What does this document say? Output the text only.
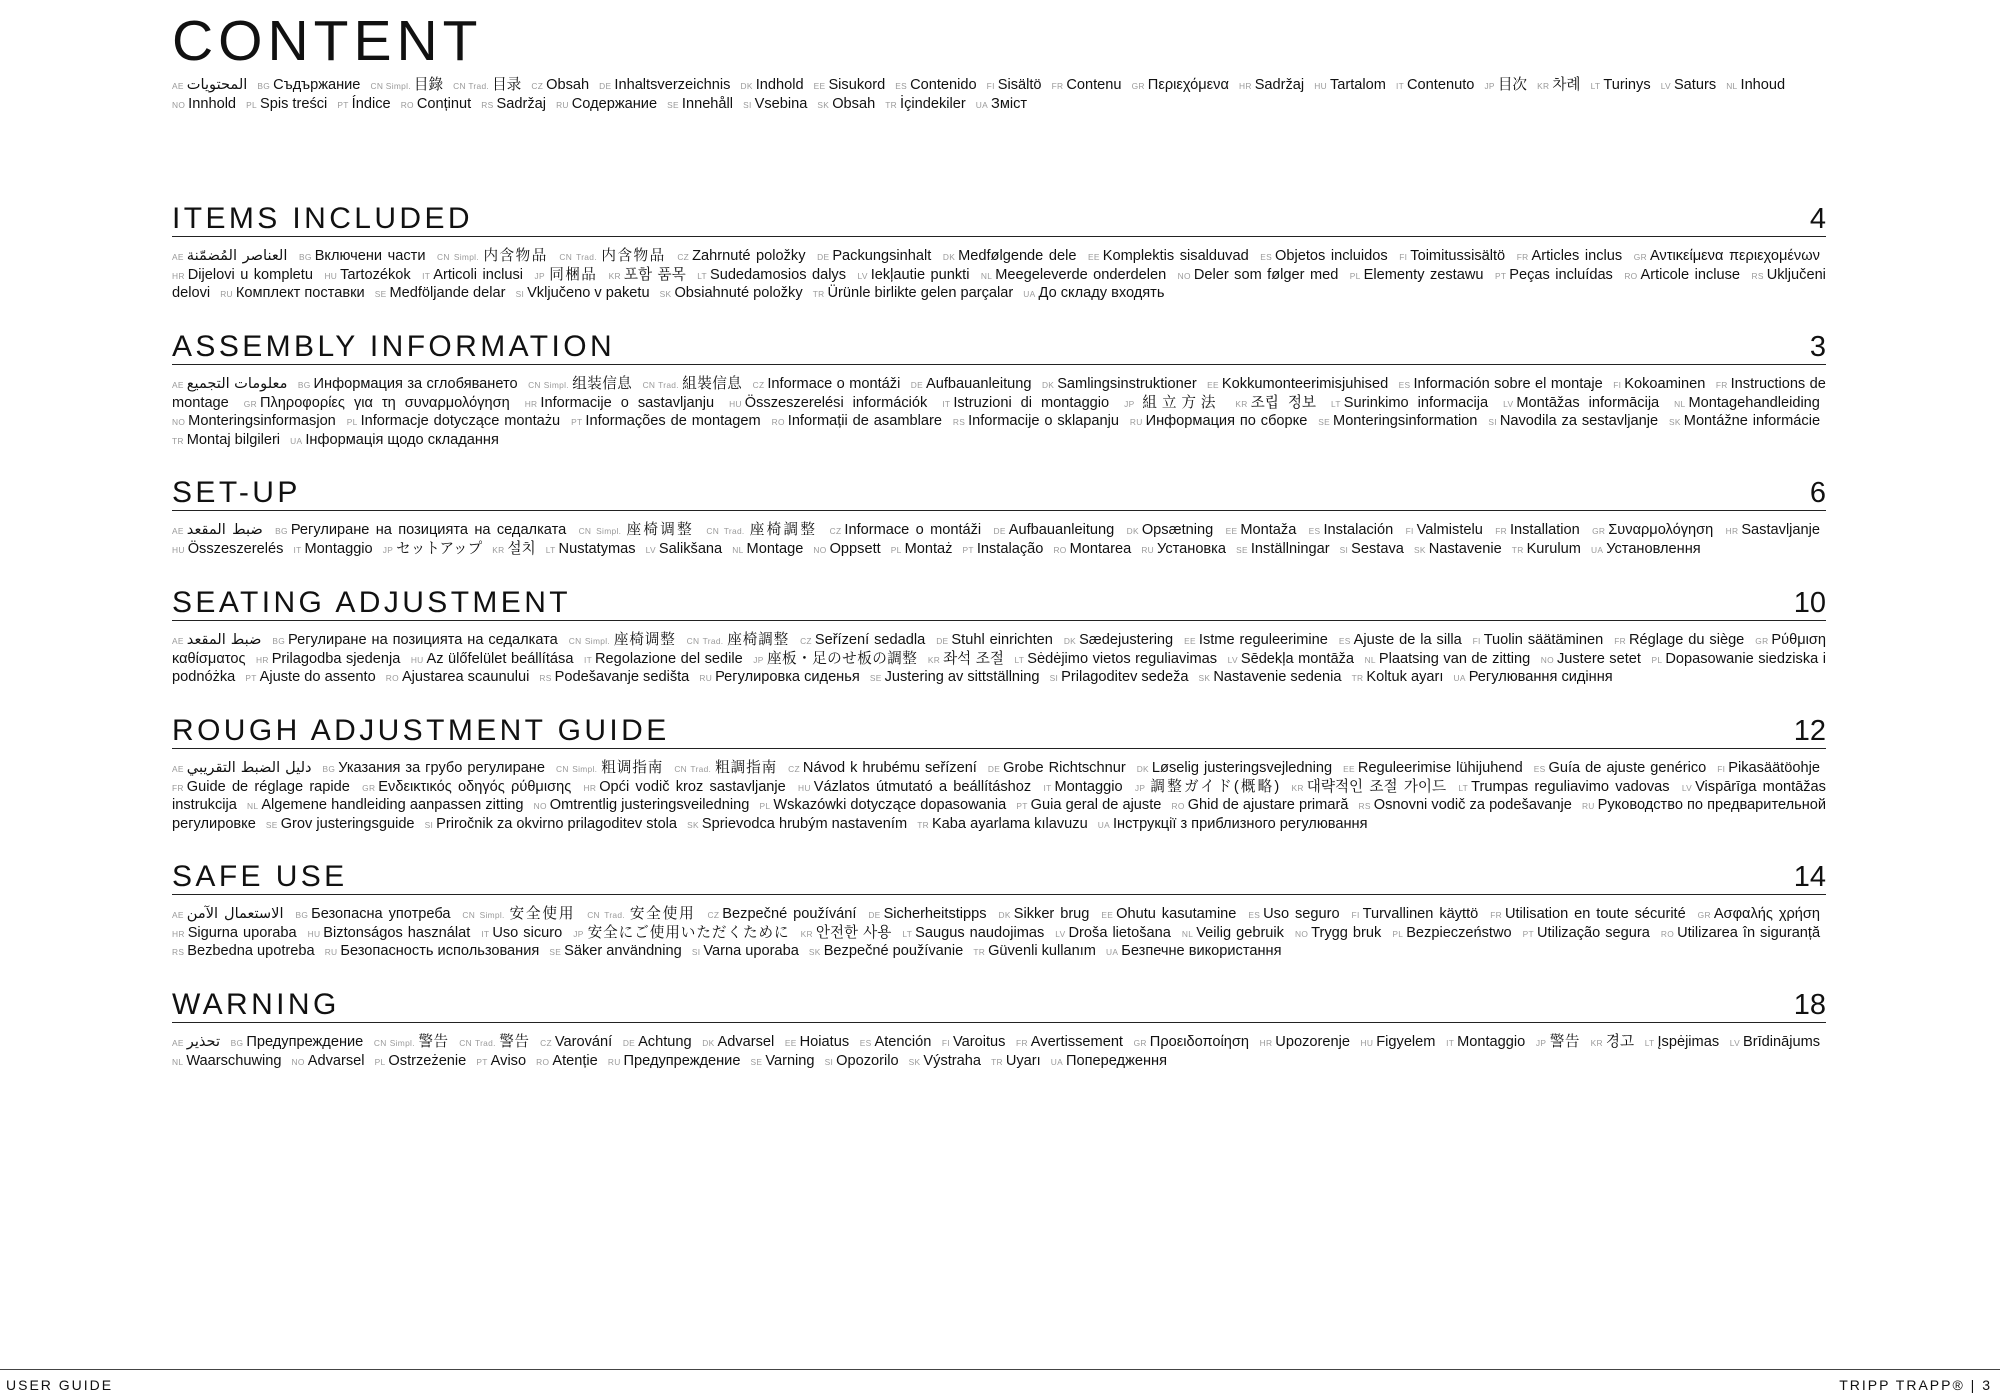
CONTENT
AE المحتويات BG Съдържание CN Simpl. 目錄 CN Trad. 目录 CZ Obsah DE Inhaltsverzeichnis DK Indhold EE Sisukord ES Contenido FI Sisältö FR Contenu GR Περιεχόμενα HR Sadržaj HU Tartalom IT Contenuto JP 目次 KR 차례 LT Turinys LV Saturs NL Inhoud NO Innhold PL Spis treści PT Índice RO Conținut RS Sadržaj RU Содержание SE Innehåll SI Vsebina SK Obsah TR İçindekiler UA Зміст
ITEMS INCLUDED	4
AE العناصر المُضمّنة BG Включени части CN Simpl. 内含物品 CN Trad. 内含物品 CZ Zahrnuté položky DE Packungsinhalt DK Medfølgende dele EE Komplektis sisalduvad ES Objetos incluidos FI Toimitussisältö FR Articles inclus GR Αντικείμενα περιεχομένων HR Dijelovi u kompletu HU Tartozékok IT Articoli inclusi JP 同梱品 KR 포함 품목 LT Sudedamosios dalys LV Iekļautie punkti NL Meegeleverde onderdelen NO Deler som følger med PL Elementy zestawu PT Peças incluídas RO Articole incluse RS Uključeni delovi RU Комплект поставки SE Medföljande delar SI Vključeno v paketu SK Obsiahnuté položky TR Ürünle birlikte gelen parçalar UA До складу входять
ASSEMBLY INFORMATION	3
AE معلومات التجميع BG Информация за сглобяването CN Simpl. 组装信息 CN Trad. 組裝信息 CZ Informace o montáži DE Aufbauanleitung DK Samlingsinstruktioner EE Kokkumonteerimisjuhised ES Información sobre el montaje FI Kokoaminen FR Instructions de montage GR Πληροφορίες για τη συναρμολόγηση HR Informacije o sastavljanju HU Összeszerelési információk IT Istruzioni di montaggio JP 組立方法 KR 조립 정보 LT Surinkimo informacija LV Montāžas informācija NL Montagehandleiding NO Monteringsinformasjon PL Informacje dotyczące montażu PT Informações de montagem RO Informații de asamblare RS Informacije o sklapanju RU Информация по сборке SE Monteringsinformation SI Navodila za sestavljanje SK Montážne informácie TR Montaj bilgileri UA Інформація щодо складання
SET-UP	6
AE ضبط المقعد BG Регулиране на позицията на седалката CN Simpl. 座椅调整 CN Trad. 座椅調整 CZ Informace o montáži DE Aufbauanleitung DK Opsætning EE Montaža ES Instalación FI Valmistelu FR Installation GR Συναρμολόγηση HR Sastavljanje HU Összeszerelés IT Montaggio JP セットアップ KR 설치 LT Nustatymas LV Salikšana NL Montage NO Oppsett PL Montaż PT Instalação RO Montarea RU Установка SE Inställningar SI Sestava SK Nastavenie TR Kurulum UA Установлення
SEATING ADJUSTMENT	10
AE ضبط المقعد BG Регулиране на позицията на седалката CN Simpl. 座椅调整 CN Trad. 座椅調整 CZ Seřízení sedadla DE Stuhl einrichten DK Sædejustering EE Istme reguleerimine ES Ajuste de la silla FI Tuolin säätäminen FR Réglage du siège GR Ρύθμιση καθίσματος HR Prilagodba sjedenja HU Az ülőfelület beállítása IT Regolazione del sedile JP 座板・足のせ板の調整 KR 좌석 조절 LT Sėdėjimo vietos reguliavimas LV Sēdekļa montāža NL Plaatsing van de zitting NO Justere setet PL Dopasowanie siedziska i podnóżka PT Ajuste do assento RO Ajustarea scaunului RS Podešavanje sedišta RU Регулировка сиденья SE Justering av sittställning SI Prilagoditev sedeža SK Nastavenie sedenia TR Koltuk ayarı UA Регулювання сидіння
ROUGH ADJUSTMENT GUIDE	12
AE دليل الضبط التقريبي BG Указания за грубо регулиране CN Simpl. 粗调指南 CN Trad. 粗調指南 CZ Návod k hrubému seřízení DE Grobe Richtschnur DK Løselig justeringsvejledning EE Reguleerimise lühijuhend ES Guía de ajuste genérico FI Pikasäätöohje FR Guide de réglage rapide GR Ενδεικτικός οδηγός ρύθμισης HR Opći vodič kroz sastavljanje HU Vázlatos útmutató a beállításhoz IT Montaggio JP 調整ガイド(概略) KR 대략적인 조절 가이드 LT Trumpas reguliavimo vadovas LV Vispārīga montāžas instrukcija NL Algemene handleiding aanpassen zitting NO Omtrentlig justeringsveiledning PL Wskazówki dotyczące dopasowania PT Guia geral de ajuste RO Ghid de ajustare primară RS Osnovni vodič za podešavanje RU Руководство по предварительной регулировке SE Grov justeringsguide SI Priročnik za okvirno prilagoditev stola SK Sprievodca hrubým nastavením TR Kaba ayarlama kılavuzu UA Інструкції з приблизного регулювання
SAFE USE	14
AE الاستعمال الآمن BG Безопасна употреба CN Simpl. 安全使用 CN Trad. 安全使用 CZ Bezpečné používání DE Sicherheitstipps DK Sikker brug EE Ohutu kasutamine ES Uso seguro FI Turvallinen käyttö FR Utilisation en toute sécurité GR Ασφαλής χρήση HR Sigurna uporaba HU Biztonságos használat IT Uso sicuro JP 安全にご使用いただくために KR 안전한 사용 LT Saugus naudojimas LV Droša lietošana NL Veilig gebruik NO Trygg bruk PL Bezpieczeństwo PT Utilização segura RO Utilizarea în siguranță RS Bezbedna upotreba RU Безопасность использования SE Säker användning SI Varna uporaba SK Bezpečné používanie TR Güvenli kullanım UA Безпечне використання
WARNING	18
AE تحذير BG Предупреждение CN Simpl. 警告 CN Trad. 警告 CZ Varování DE Achtung DK Advarsel EE Hoiatus ES Atención FI Varoitus FR Avertissement GR Προειδοποίηση HR Upozorenje HU Figyelem IT Montaggio JP 警告 KR 경고 LT Įspėjimas LV Brīdinājums NL Waarschuwing NO Advarsel PL Ostrzeżenie PT Aviso RO Atenție RU Предупреждение SE Varning SI Opozorilo SK Výstraha TR Uyarı UA Попередження
USER GUIDE	TRIPP TRAPP® | 3
